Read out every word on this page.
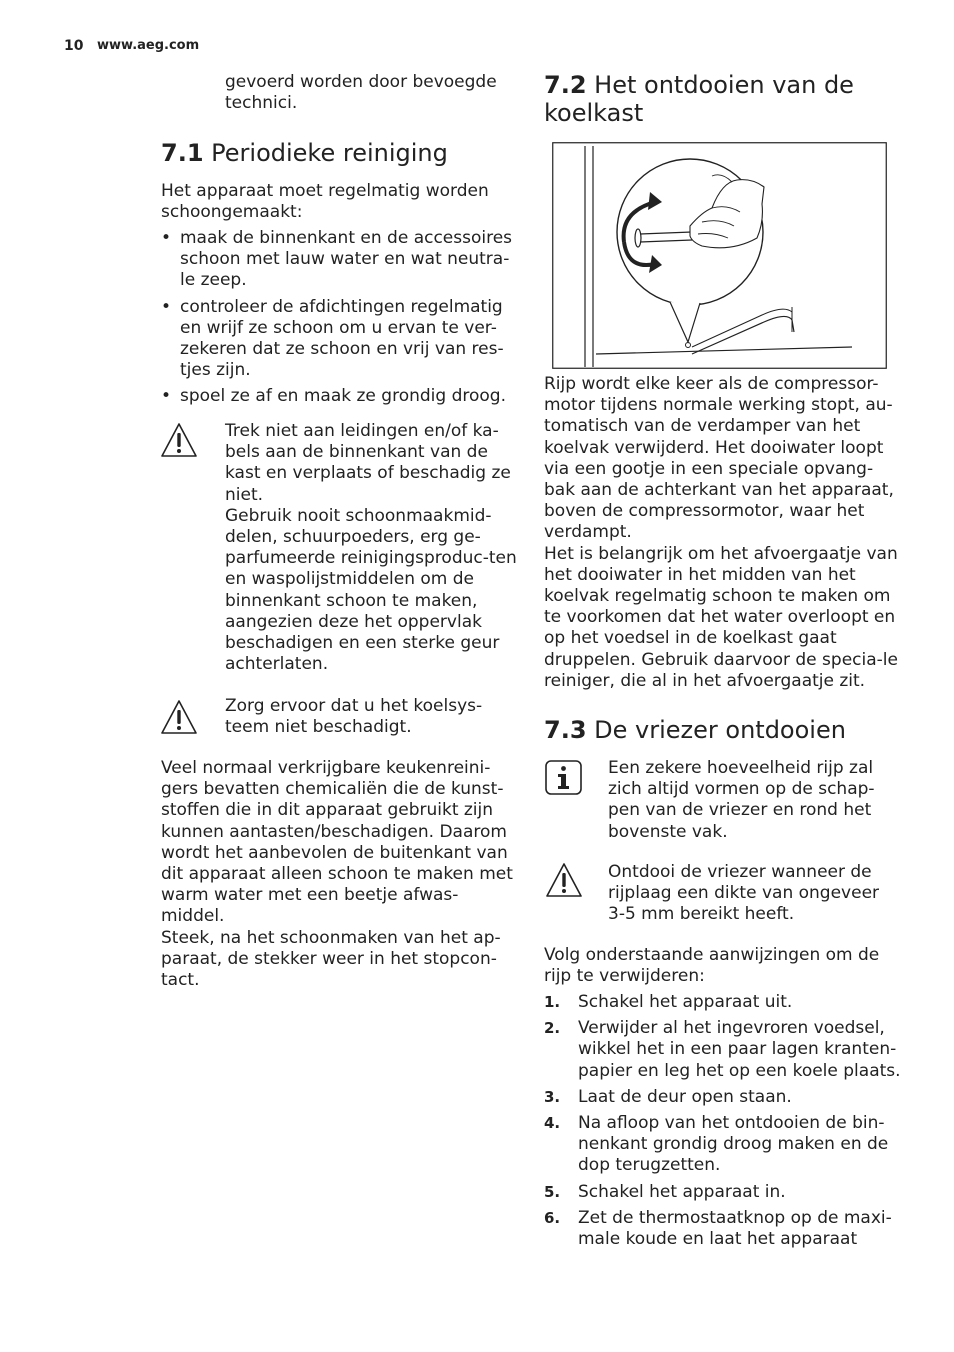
10 www.aeg.com
gevoerd worden door bevoegde technici.
7.1 Periodieke reiniging
Het apparaat moet regelmatig worden schoongemaakt:
• maak de binnenkant en de accessoires schoon met lauw water en wat neutra-le zeep.
• controleer de afdichtingen regelmatig en wrijf ze schoon om u ervan te ver-zekeren dat ze schoon en vrij van res-tjes zijn.
• spoel ze af en maak ze grondig droog.

Trek niet aan leidingen en/of ka-bels aan de binnenkant van de kast en verplaats of beschadig ze niet.

Gebruik nooit schoonmaakmid-delen, schuurpoeders, erg ge-parfumeerde reinigingsproduc-ten en waspolijstmiddelen om de binnenkant schoon te maken, aangezien deze het oppervlak beschadigen en een sterke geur achterlaten.

Zorg ervoor dat u het koelsys-teem niet beschadigt.

Veel normaal verkrijgbare keukenreini-gers bevatten chemicaliën die de kunst-stoffen die in dit apparaat gebruikt zijn kunnen aantasten/beschadigen. Daarom wordt het aanbevolen de buitenkant van dit apparaat alleen schoon te maken met warm water met een beetje afwas-middel.

Steek, na het schoonmaken van het ap-paraat, de stekker weer in het stopcon-tact.

7.2 Het ontdooien van de koelkast

Rijp wordt elke keer als de compressor-motor tijdens normale werking stopt, au-tomatisch van de verdamper van het koelvak verwijderd. Het dooiwater loopt via een gootje in een speciale opvang-bak aan de achterkant van het apparaat, boven de compressormotor, waar het verdampt.

Het is belangrijk om het afvoergaatje van het dooiwater in het midden van het koelvak regelmatig schoon te maken om te voorkomen dat het water overloopt en op het voedsel in de koelkast gaat druppelen. Gebruik daarvoor de specia-le reiniger, die al in het afvoergaatje zit.

7.3 De vriezer ontdooien
Een zekere hoeveelheid rijp zal zich altijd vormen op de schap-pen van de vriezer en rond het bovenste vak.
Ontdooi de vriezer wanneer de rijplaag een dikte van ongeveer 3-5 mm bereikt heeft.
Volg onderstaande aanwijzingen om de rijp te verwijderen:
1. Schakel het apparaat uit.
2. Verwijder al het ingevroren voedsel, wikkel het in een paar lagen kranten-papier en leg het op een koele plaats.
3. Laat de deur open staan.
4. Na afloop van het ontdooien de bin-nenkant grondig droog maken en de dop terugzetten.
5. Schakel het apparaat in.
6. Zet de thermostaatknop op de maxi-male koude en laat het apparaat
